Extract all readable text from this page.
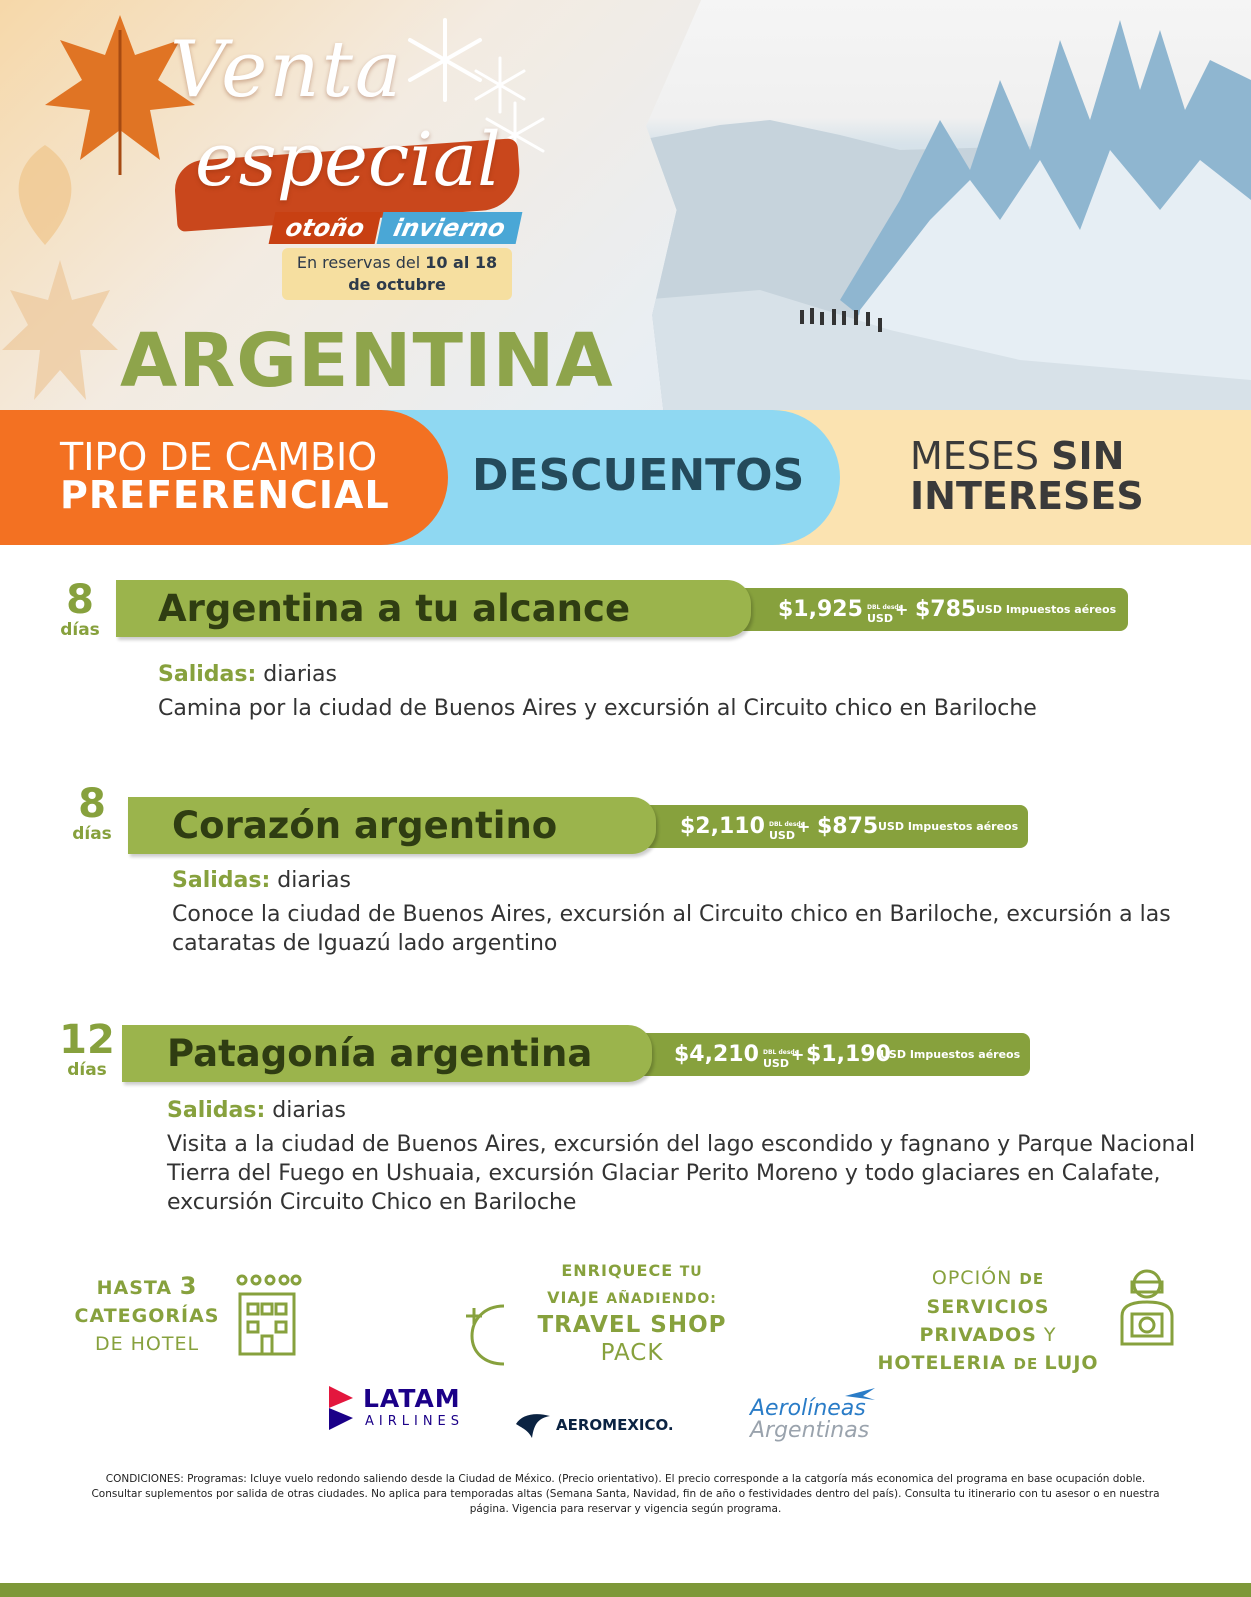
Venta
especial
otoño	invierno
En reservas del 10 al 18
de octubre
ARGENTINA
TIPO DE CAMBIO
PREFERENCIAL DESCUENTOS	MESES SIN
INTERESES
8
días	Argentina a tu alcance	$1,925 DBL desde
USD + $785 USD Impuestos aéreos
Salidas: diarias
Camina por la ciudad de Buenos Aires y excursión al Circuito chico en Bariloche
8
días	Corazón argentino	$2,110 DBL desde
USD + $875 USD Impuestos aéreos
Salidas: diarias
Conoce la ciudad de Buenos Aires, excursión al Circuito chico en Bariloche, excursión a las cataratas de Iguazú lado argentino
12
días	Patagonía argentina	$4,210 DBL desde
USD + $1,190
USD Impuestos aéreos
Salidas: diarias
Visita a la ciudad de Buenos Aires, excursión del lago escondido y fagnano y Parque Nacional Tierra del Fuego en Ushuaia, excursión Glaciar Perito Moreno y todo glaciares en Calafate, excursión Circuito Chico en Bariloche
HASTA 3
CATEGORÍAS
DE HOTEL
ENRIQUECE TU
VIAJE AÑADIENDO:
TRAVEL SHOP PACK
OPCIÓN DE SERVICIOS
PRIVADOS Y
HOTELERIA DE LUJO
LATAM
AIRLINES	AEROMEXICO.
Aerolíneas
Argentinas
CONDICIONES: Programas: Icluye vuelo redondo saliendo desde la Ciudad de México. (Precio orientativo). El precio corresponde a la catgoría más economica del programa en base ocupación doble. Consultar suplementos por salida de otras ciudades. No aplica para temporadas altas (Semana Santa, Navidad, fin de año o festividades dentro del país). Consulta tu itinerario con tu asesor o en nuestra página. Vigencia para reservar y vigencia según programa.
